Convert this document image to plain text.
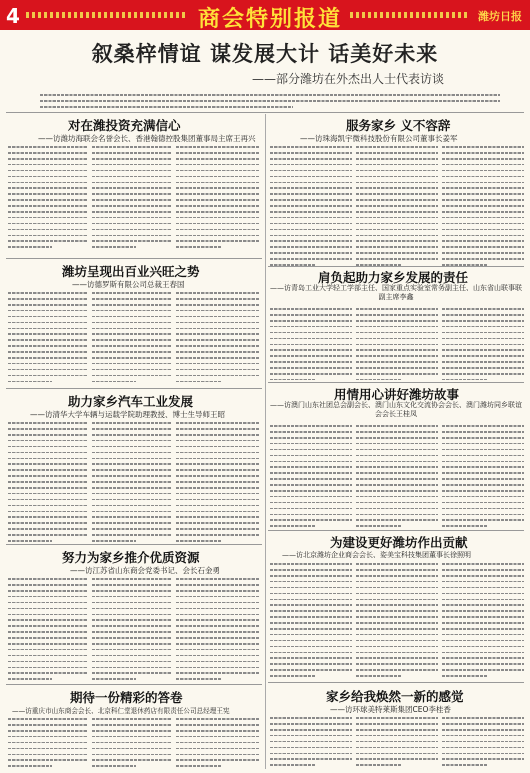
4	商会特别报道	潍坊日报
叙桑梓情谊 谋发展大计 话美好未来
——部分潍坊在外杰出人士代表访谈
对在潍投资充满信心
——访潍坊海联会名誉会长、香港翰德控股集团董事局主席王再兴
潍坊呈现出百业兴旺之势
——访德罗斯有限公司总裁王春国
助力家乡汽车工业发展
——访清华大学车辆与运载学院助理教授、博士生导师王昭
努力为家乡推介优质资源
——访江苏省山东商会党委书记、会长石金勇
期待一份精彩的答卷
——访重庆市山东商会会长、北京科仁堂退休药店有限责任公司总经理王宪
服务家乡 义不容辞
——访珠海凯宇微科技股份有限公司董事长姜军
肩负起助力家乡发展的责任
——访青岛工业大学轻工学部主任、国家重点实验室常务副主任、山东省山联事联副主席李鑫
用情用心讲好潍坊故事
——访澳门山东社团总会副会长、澳门山东文化交流协会会长、澳门潍坊同乡联谊会会长王桂凤
为建设更好潍坊作出贡献
——访北京潍坊企业商会会长、姿美宝科技集团董事长徐照明
家乡给我焕然一新的感觉
——访环球美特莱斯集团CEO李桂香
